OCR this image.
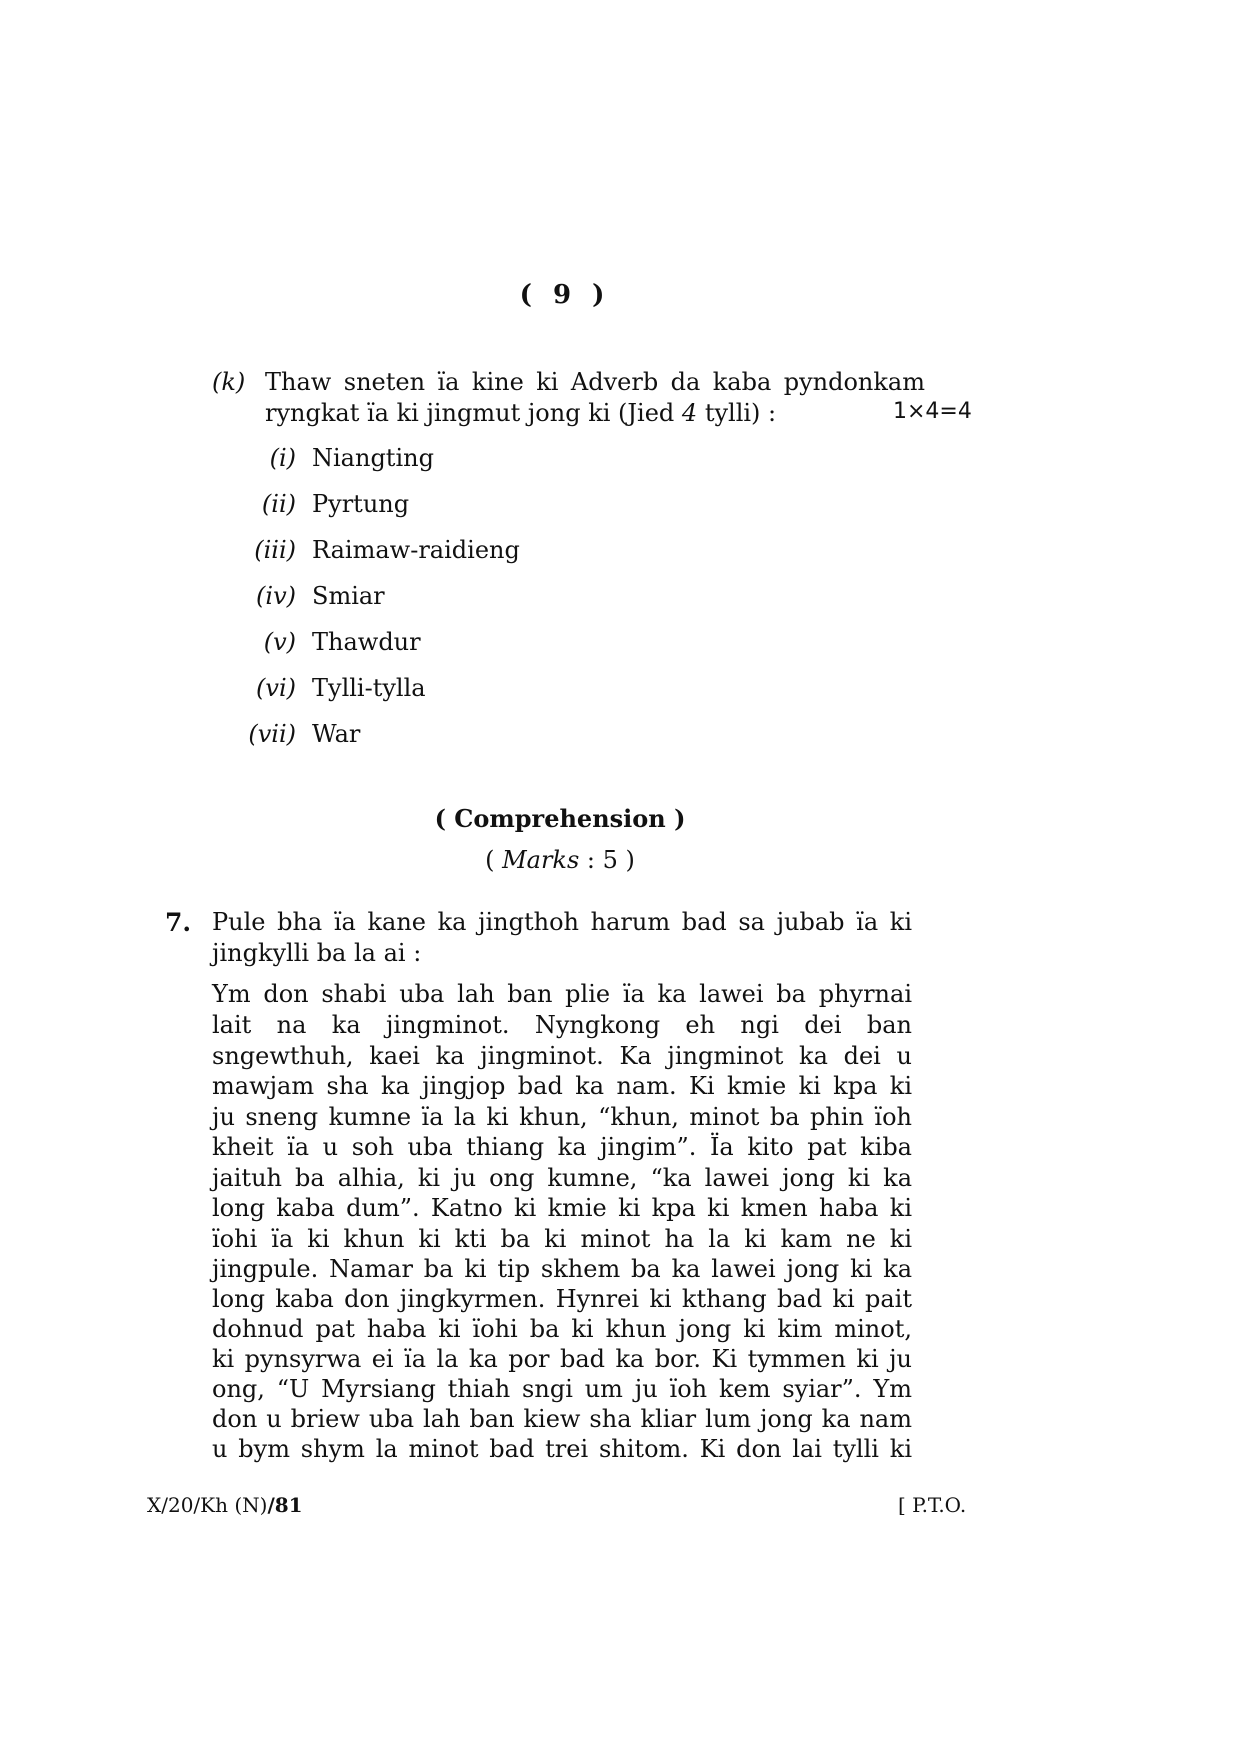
( 9 )
(k) Thaw sneten ïa kine ki Adverb da kaba pyndonkam
ryngkat ïa ki jingmut jong ki (Jied 4 tylli) :	1×4=4
(i) Niangting
(ii) Pyrtung
(iii) Raimaw-raidieng
(iv) Smiar
(v) Thawdur
(vi) Tylli-tylla
(vii) War
( Comprehension )
( Marks : 5 )
7. Pule bha ïa kane ka jingthoh harum bad sa jubab ïa ki
jingkylli ba la ai :
Ym don shabi uba lah ban plie ïa ka lawei ba phyrnai
lait na ka jingminot. Nyngkong eh ngi dei ban
sngewthuh, kaei ka jingminot. Ka jingminot ka dei u
mawjam sha ka jingjop bad ka nam. Ki kmie ki kpa ki
ju sneng kumne ïa la ki khun, “khun, minot ba phin ïoh
kheit ïa u soh uba thiang ka jingim”. Ïa kito pat kiba
jaituh ba alhia, ki ju ong kumne, “ka lawei jong ki ka
long kaba dum”. Katno ki kmie ki kpa ki kmen haba ki
ïohi ïa ki khun ki kti ba ki minot ha la ki kam ne ki
jingpule. Namar ba ki tip skhem ba ka lawei jong ki ka
long kaba don jingkyrmen. Hynrei ki kthang bad ki pait
dohnud pat haba ki ïohi ba ki khun jong ki kim minot,
ki pynsyrwa ei ïa la ka por bad ka bor. Ki tymmen ki ju
ong, “U Myrsiang thiah sngi um ju ïoh kem syiar”. Ym
don u briew uba lah ban kiew sha kliar lum jong ka nam
u bym shym la minot bad trei shitom. Ki don lai tylli ki
X/20/Kh (N)/81	[ P.T.O.
